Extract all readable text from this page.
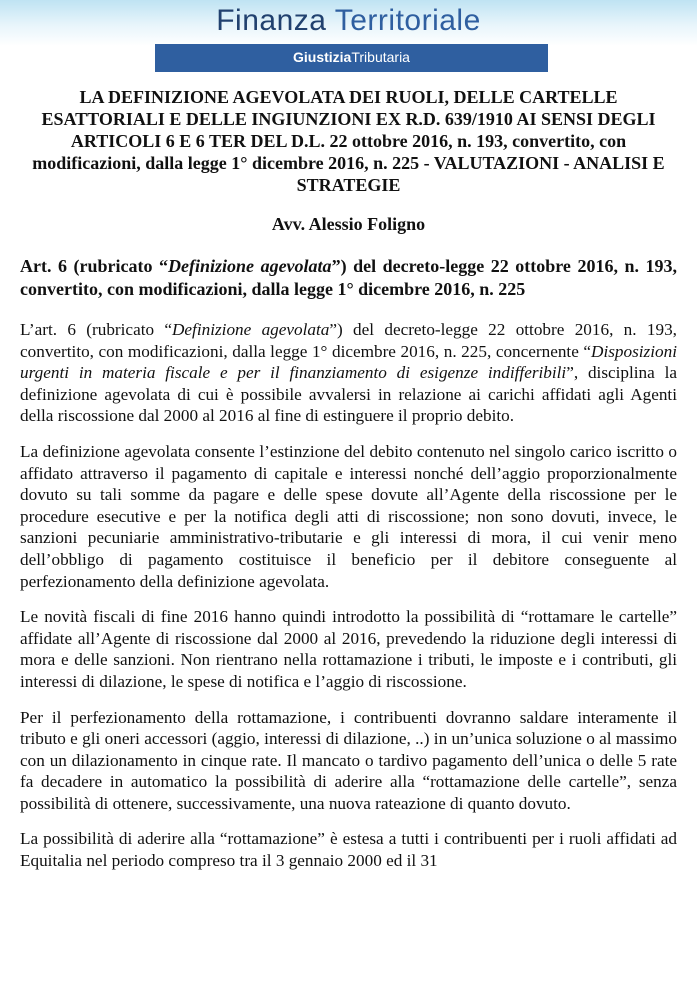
Finanza Territoriale
GiustiziaTributaria
LA DEFINIZIONE AGEVOLATA DEI RUOLI, DELLE CARTELLE ESATTORIALI E DELLE INGIUNZIONI EX R.D. 639/1910 AI SENSI DEGLI ARTICOLI 6 E 6 TER DEL D.L. 22 ottobre 2016, n. 193, convertito, con modificazioni, dalla legge 1° dicembre 2016, n. 225 - VALUTAZIONI - ANALISI E STRATEGIE
Avv. Alessio Foligno
Art. 6 (rubricato “Definizione agevolata”) del decreto-legge 22 ottobre 2016, n. 193, convertito, con modificazioni, dalla legge 1° dicembre 2016, n. 225

L’art. 6 (rubricato “Definizione agevolata”) del decreto-legge 22 ottobre 2016, n. 193, convertito, con modificazioni, dalla legge 1° dicembre 2016, n. 225, concernente “Disposizioni urgenti in materia fiscale e per il finanziamento di esigenze indifferibili”, disciplina la definizione agevolata di cui è possibile avvalersi in relazione ai carichi affidati agli Agenti della riscossione dal 2000 al 2016 al fine di estinguere il proprio debito.

La definizione agevolata consente l’estinzione del debito contenuto nel singolo carico iscritto o affidato attraverso il pagamento di capitale e interessi nonché dell’aggio proporzionalmente dovuto su tali somme da pagare e delle spese dovute all’Agente della riscossione per le procedure esecutive e per la notifica degli atti di riscossione; non sono dovuti, invece, le sanzioni pecuniarie amministrativo-tributarie e gli interessi di mora, il cui venir meno dell’obbligo di pagamento costituisce il beneficio per il debitore conseguente al perfezionamento della definizione agevolata.

Le novità fiscali di fine 2016 hanno quindi introdotto la possibilità di “rottamare le cartelle” affidate all’Agente di riscossione dal 2000 al 2016, prevedendo la riduzione degli interessi di mora e delle sanzioni. Non rientrano nella rottamazione i tributi, le imposte e i contributi, gli interessi di dilazione, le spese di notifica e l’aggio di riscossione.

Per il perfezionamento della rottamazione, i contribuenti dovranno saldare interamente il tributo e gli oneri accessori (aggio, interessi di dilazione, ..) in un’unica soluzione o al massimo con un dilazionamento in cinque rate. Il mancato o tardivo pagamento dell’unica o delle 5 rate fa decadere in automatico la possibilità di aderire alla “rottamazione delle cartelle”, senza possibilità di ottenere, successivamente, una nuova rateazione di quanto dovuto.

La possibilità di aderire alla “rottamazione” è estesa a tutti i contribuenti per i ruoli affidati ad Equitalia nel periodo compreso tra il 3 gennaio 2000 ed il 31
